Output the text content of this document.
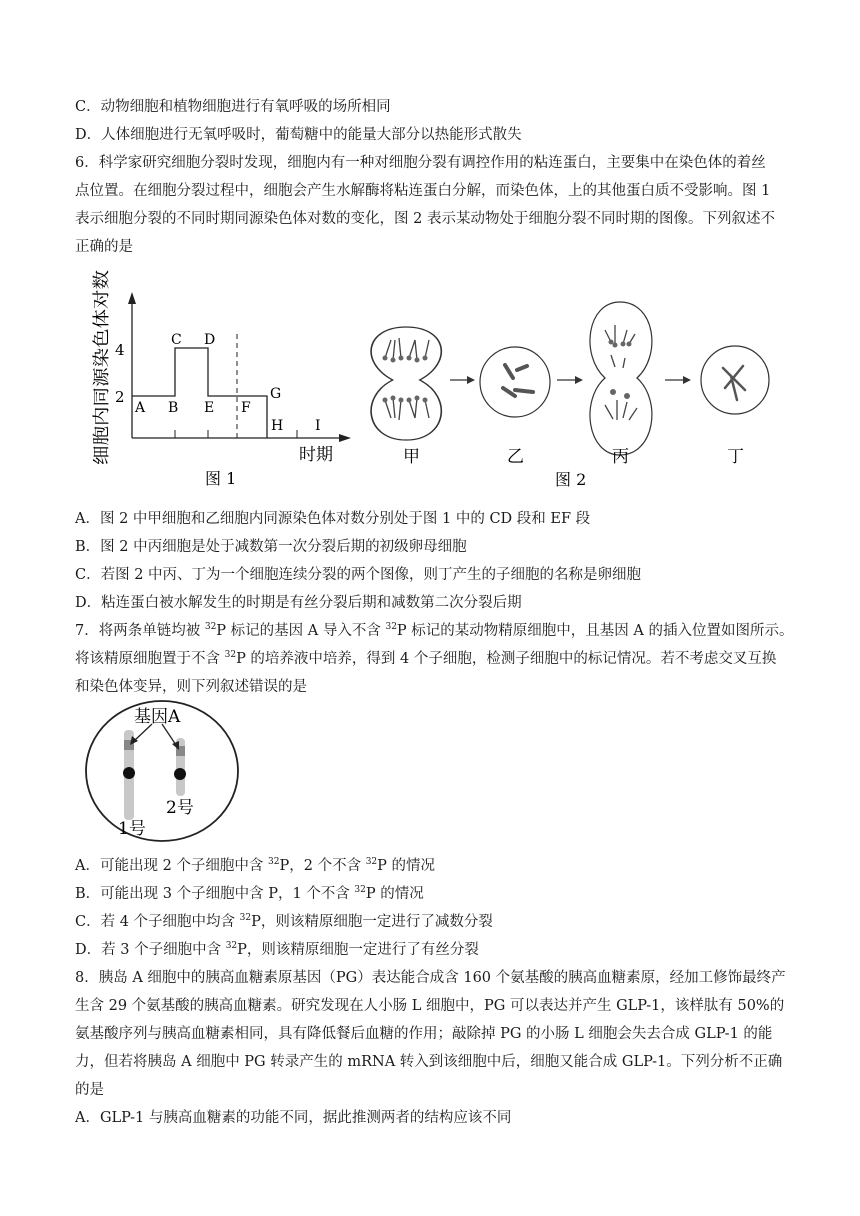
C．动物细胞和植物细胞进行有氧呼吸的场所相同
D．人体细胞进行无氧呼吸时，葡萄糖中的能量大部分以热能形式散失
6．科学家研究细胞分裂时发现，细胞内有一种对细胞分裂有调控作用的粘连蛋白，主要集中在染色体的着丝
点位置。在细胞分裂过程中，细胞会产生水解酶将粘连蛋白分解，而染色体，上的其他蛋白质不受影响。图 1
表示细胞分裂的不同时期同源染色体对数的变化，图 2 表示某动物处于细胞分裂不同时期的图像。下列叙述不
正确的是
细胞内同源染色体对数 4
2
A B
C D
E F
G
H I
时期
图 1
甲	乙	丙	丁
图 2
A．图 2 中甲细胞和乙细胞内同源染色体对数分别处于图 1 中的 CD 段和 EF 段
B．图 2 中丙细胞是处于减数第一次分裂后期的初级卵母细胞
C．若图 2 中丙、丁为一个细胞连续分裂的两个图像，则丁产生的子细胞的名称是卵细胞
D．粘连蛋白被水解发生的时期是有丝分裂后期和减数第二次分裂后期
7．将两条单链均被 $^{32}$P 标记的基因 A 导入不含 $^{32}$P 标记的某动物精原细胞中，且基因 A 的插入位置如图所示。
将该精原细胞置于不含 $^{32}$P 的培养液中培养，得到 4 个子细胞，检测子细胞中的标记情况。若不考虑交叉互换
和染色体变异，则下列叙述错误的是
基因A
1号
2号
A．可能出现 2 个子细胞中含 $^{32}$P，2 个不含 $^{32}$P 的情况
B．可能出现 3 个子细胞中含 P，1 个不含 $^{32}$P 的情况
C．若 4 个子细胞中均含 $^{32}$P，则该精原细胞一定进行了减数分裂
D．若 3 个子细胞中含 $^{32}$P，则该精原细胞一定进行了有丝分裂
8．胰岛 A 细胞中的胰高血糖素原基因（PG）表达能合成含 160 个氨基酸的胰高血糖素原，经加工修饰最终产
生含 29 个氨基酸的胰高血糖素。研究发现在人小肠 L 细胞中，PG 可以表达并产生 GLP-1，该样肽有 50%的
氨基酸序列与胰高血糖素相同，具有降低餐后血糖的作用；敲除掉 PG 的小肠 L 细胞会失去合成 GLP-1 的能
力，但若将胰岛 A 细胞中 PG 转录产生的 mRNA 转入到该细胞中后，细胞又能合成 GLP-1。下列分析不正确
的是
A．GLP-1 与胰高血糖素的功能不同，据此推测两者的结构应该不同
